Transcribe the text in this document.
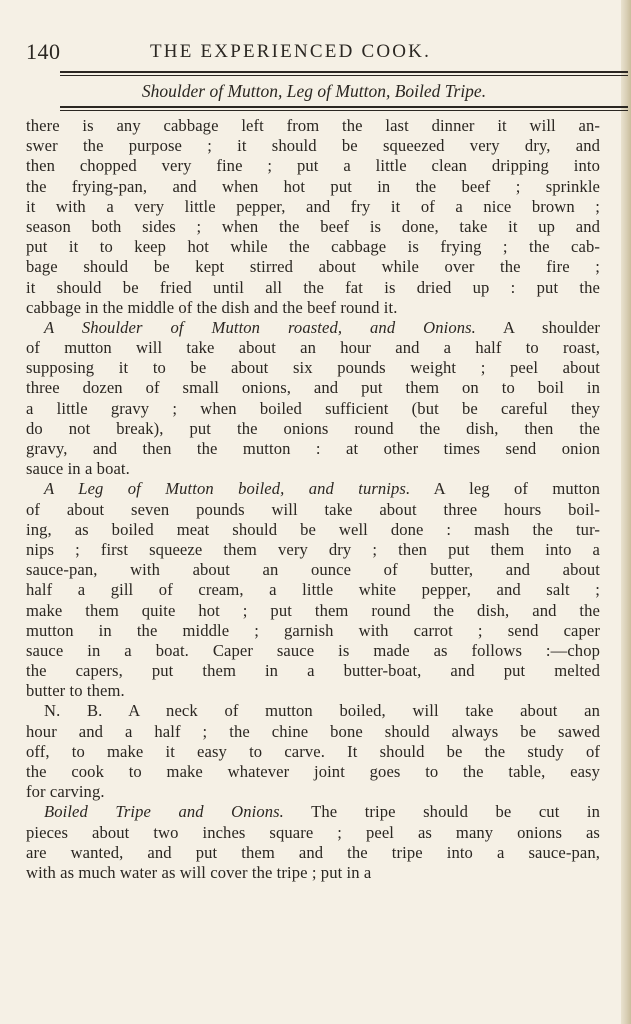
140	THE EXPERIENCED COOK.
Shoulder of Mutton, Leg of Mutton, Boiled Tripe.
there is any cabbage left from the last dinner it will an-
swer the purpose ; it should be squeezed very dry, and
then chopped very fine ; put a little clean dripping into
the frying-pan, and when hot put in the beef ; sprinkle
it with a very little pepper, and fry it of a nice brown ;
season both sides ; when the beef is done, take it up and
put it to keep hot while the cabbage is frying ; the cab-
bage should be kept stirred about while over the fire ;
it should be fried until all the fat is dried up : put the
cabbage in the middle of the dish and the beef round it.
A Shoulder of Mutton roasted, and Onions. A shoulder
of mutton will take about an hour and a half to roast,
supposing it to be about six pounds weight ; peel about
three dozen of small onions, and put them on to boil in
a little gravy ; when boiled sufficient (but be careful they
do not break), put the onions round the dish, then the
gravy, and then the mutton : at other times send onion
sauce in a boat.
A Leg of Mutton boiled, and turnips. A leg of mutton
of about seven pounds will take about three hours boil-
ing, as boiled meat should be well done : mash the tur-
nips ; first squeeze them very dry ; then put them into a
sauce-pan, with about an ounce of butter, and about
half a gill of cream, a little white pepper, and salt ;
make them quite hot ; put them round the dish, and the
mutton in the middle ; garnish with carrot ; send caper
sauce in a boat. Caper sauce is made as follows :—chop
the capers, put them in a butter-boat, and put melted
butter to them.
N. B. A neck of mutton boiled, will take about an
hour and a half ; the chine bone should always be sawed
off, to make it easy to carve. It should be the study of
the cook to make whatever joint goes to the table, easy
for carving.
Boiled Tripe and Onions. The tripe should be cut in
pieces about two inches square ; peel as many onions as
are wanted, and put them and the tripe into a sauce-pan,
with as much water as will cover the tripe ; put in a
